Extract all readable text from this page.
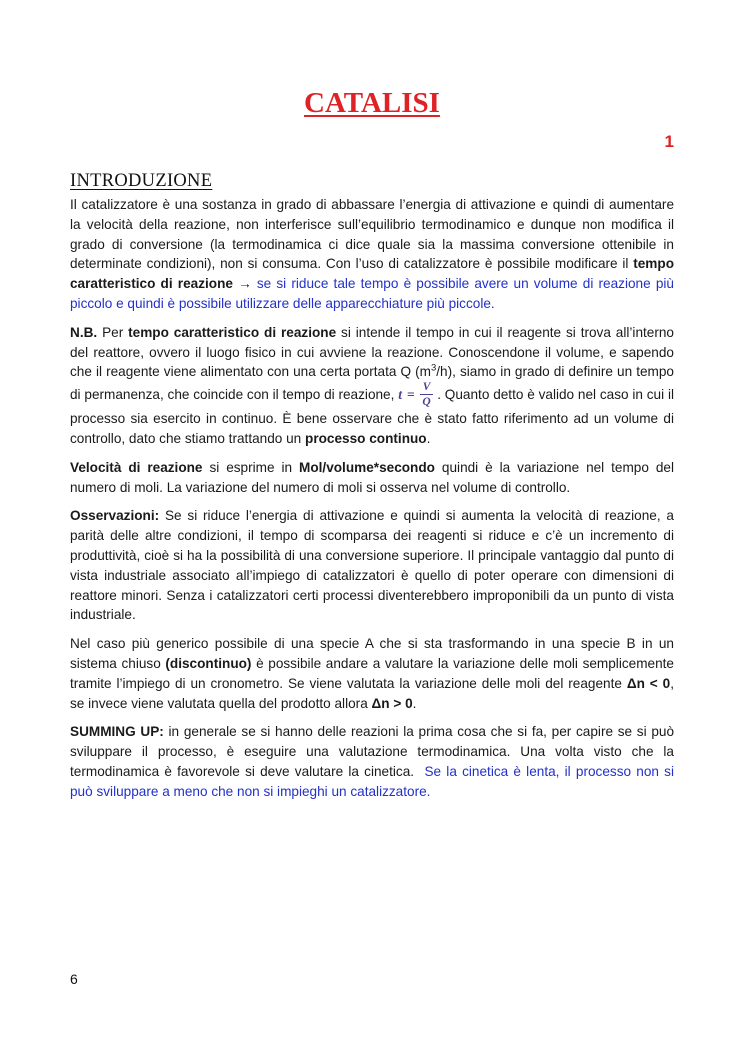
CATALISI
1
INTRODUZIONE

Il catalizzatore è una sostanza in grado di abbassare l’energia di attivazione e quindi di aumentare la velocità della reazione, non interferisce sull’equilibrio termodinamico e dunque non modifica il grado di conversione (la termodinamica ci dice quale sia la massima conversione ottenibile in determinate condizioni), non si consuma. Con l’uso di catalizzatore è possibile modificare il tempo caratteristico di reazione → se si riduce tale tempo è possibile avere un volume di reazione più piccolo e quindi è possibile utilizzare delle apparecchiature più piccole.

N.B. Per tempo caratteristico di reazione si intende il tempo in cui il reagente si trova all’interno del reattore, ovvero il luogo fisico in cui avviene la reazione. Conoscendone il volume, e sapendo che il reagente viene alimentato con una certa portata Q $(m^3/h)$, siamo in grado di definire un tempo di permanenza, che coincide con il tempo di reazione, $t = \frac{V}{Q}$ . Quanto detto è valido nel caso in cui il processo sia esercito in continuo. È bene osservare che è stato fatto riferimento ad un volume di controllo, dato che stiamo trattando un processo continuo.

Velocità di reazione si esprime in Mol/volume*secondo quindi è la variazione nel tempo del numero di moli. La variazione del numero di moli si osserva nel volume di controllo.

Osservazioni: Se si riduce l’energia di attivazione e quindi si aumenta la velocità di reazione, a parità delle altre condizioni, il tempo di scomparsa dei reagenti si riduce e c’è un incremento di produttività, cioè si ha la possibilità di una conversione superiore. Il principale vantaggio dal punto di vista industriale associato all’impiego di catalizzatori è quello di poter operare con dimensioni di reattore minori. Senza i catalizzatori certi processi diventerebbero improponibili da un punto di vista industriale.

Nel caso più generico possibile di una specie A che si sta trasformando in una specie B in un sistema chiuso (discontinuo) è possibile andare a valutare la variazione delle moli semplicemente tramite l’impiego di un cronometro. Se viene valutata la variazione delle moli del reagente Δn < 0, se invece viene valutata quella del prodotto allora Δn > 0.

SUMMING UP: in generale se si hanno delle reazioni la prima cosa che si fa, per capire se si può sviluppare il processo, è eseguire una valutazione termodinamica. Una volta visto che la termodinamica è favorevole si deve valutare la cinetica.  Se la cinetica è lenta, il processo non si può sviluppare a meno che non si impieghi un catalizzatore.

6
